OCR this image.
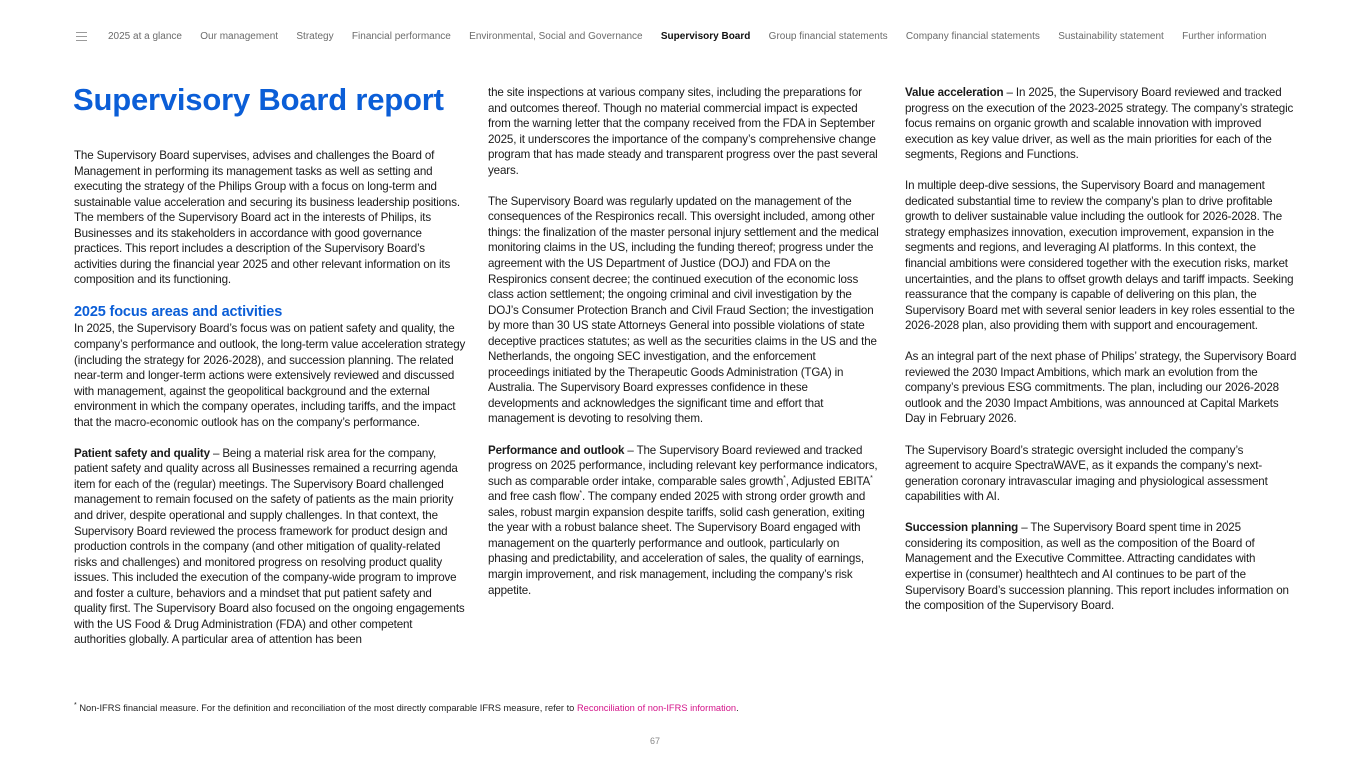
2025 at a glance Our management Strategy Financial performance Environmental, Social and Governance Supervisory Board Group financial statements Company financial statements Sustainability statement Further information
Supervisory Board report

The Supervisory Board supervises, advises and challenges the Board of Management in performing its management tasks as well as setting and executing the strategy of the Philips Group with a focus on long-term and sustainable value acceleration and securing its business leadership positions. The members of the Supervisory Board act in the interests of Philips, its Businesses and its stakeholders in accordance with good governance practices. This report includes a description of the Supervisory Board’s activities during the financial year 2025 and other relevant information on its composition and its functioning.

2025 focus areas and activities

In 2025, the Supervisory Board’s focus was on patient safety and quality, the company’s performance and outlook, the long-term value acceleration strategy (including the strategy for 2026-2028), and succession planning. The related near-term and longer-term actions were extensively reviewed and discussed with management, against the geopolitical background and the external environment in which the company operates, including tariffs, and the impact that the macro-economic outlook has on the company’s performance.

Patient safety and quality – Being a material risk area for the company, patient safety and quality across all Businesses remained a recurring agenda item for each of the (regular) meetings. The Supervisory Board challenged management to remain focused on the safety of patients as the main priority and driver, despite operational and supply challenges. In that context, the Supervisory Board reviewed the process framework for product design and production controls in the company (and other mitigation of quality-related risks and challenges) and monitored progress on resolving product quality issues. This included the execution of the company-wide program to improve and foster a culture, behaviors and a mindset that put patient safety and quality first. The Supervisory Board also focused on the ongoing engagements with the US Food & Drug Administration (FDA) and other competent authorities globally. A particular area of attention has been

the site inspections at various company sites, including the preparations for and outcomes thereof. Though no material commercial impact is expected from the warning letter that the company received from the FDA in September 2025, it underscores the importance of the company’s comprehensive change program that has made steady and transparent progress over the past several years.

The Supervisory Board was regularly updated on the management of the consequences of the Respironics recall. This oversight included, among other things: the finalization of the master personal injury settlement and the medical monitoring claims in the US, including the funding thereof; progress under the agreement with the US Department of Justice (DOJ) and FDA on the Respironics consent decree; the continued execution of the economic loss class action settlement; the ongoing criminal and civil investigation by the DOJ’s Consumer Protection Branch and Civil Fraud Section; the investigation by more than 30 US state Attorneys General into possible violations of state deceptive practices statutes; as well as the securities claims in the US and the Netherlands, the ongoing SEC investigation, and the enforcement proceedings initiated by the Therapeutic Goods Administration (TGA) in Australia. The Supervisory Board expresses confidence in these developments and acknowledges the significant time and effort that management is devoting to resolving them.

Performance and outlook – The Supervisory Board reviewed and tracked progress on 2025 performance, including relevant key performance indicators, such as comparable order intake, comparable sales growth*, Adjusted EBITA* and free cash flow*. The company ended 2025 with strong order growth and sales, robust margin expansion despite tariffs, solid cash generation, exiting the year with a robust balance sheet. The Supervisory Board engaged with management on the quarterly performance and outlook, particularly on phasing and predictability, and acceleration of sales, the quality of earnings, margin improvement, and risk management, including the company’s risk appetite.

Value acceleration – In 2025, the Supervisory Board reviewed and tracked progress on the execution of the 2023-2025 strategy. The company’s strategic focus remains on organic growth and scalable innovation with improved execution as key value driver, as well as the main priorities for each of the segments, Regions and Functions.

In multiple deep-dive sessions, the Supervisory Board and management dedicated substantial time to review the company’s plan to drive profitable growth to deliver sustainable value including the outlook for 2026-2028. The strategy emphasizes innovation, execution improvement, expansion in the segments and regions, and leveraging AI platforms. In this context, the financial ambitions were considered together with the execution risks, market uncertainties, and the plans to offset growth delays and tariff impacts. Seeking reassurance that the company is capable of delivering on this plan, the Supervisory Board met with several senior leaders in key roles essential to the 2026-2028 plan, also providing them with support and encouragement.

As an integral part of the next phase of Philips’ strategy, the Supervisory Board reviewed the 2030 Impact Ambitions, which mark an evolution from the company’s previous ESG commitments. The plan, including our 2026-2028 outlook and the 2030 Impact Ambitions, was announced at Capital Markets Day in February 2026.

The Supervisory Board’s strategic oversight included the company’s agreement to acquire SpectraWAVE, as it expands the company’s next-generation coronary intravascular imaging and physiological assessment capabilities with AI.

Succession planning – The Supervisory Board spent time in 2025 considering its composition, as well as the composition of the Board of Management and the Executive Committee. Attracting candidates with expertise in (consumer) healthtech and AI continues to be part of the Supervisory Board’s succession planning. This report includes information on the composition of the Supervisory Board.

* Non-IFRS financial measure. For the definition and reconciliation of the most directly comparable IFRS measure, refer to Reconciliation of non-IFRS information.
67
